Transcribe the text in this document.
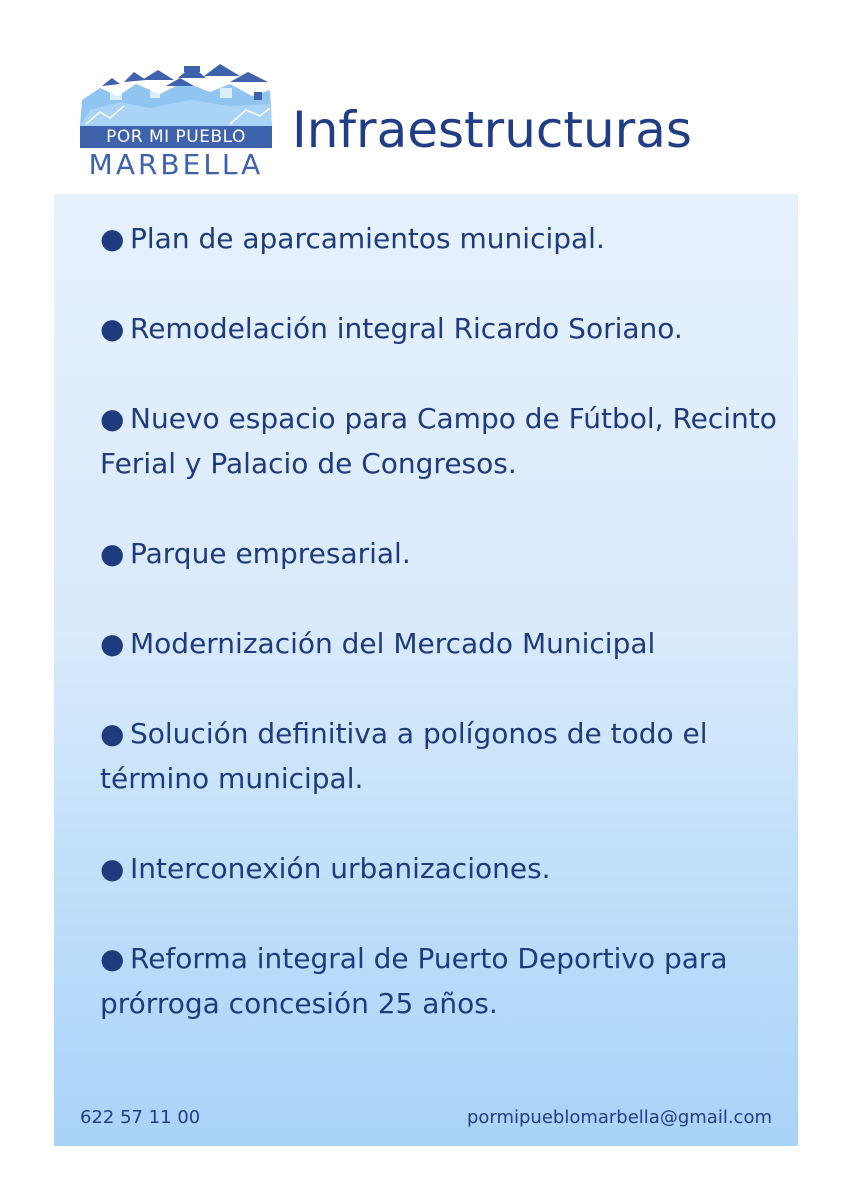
POR MI PUEBLO
MARBELLA
Infraestructuras
● Plan de aparcamientos municipal.
● Remodelación integral Ricardo Soriano.
● Nuevo espacio para Campo de Fútbol, Recinto Ferial y Palacio de Congresos.
● Parque empresarial.
● Modernización del Mercado Municipal
● Solución definitiva a polígonos de todo el término municipal.
● Interconexión urbanizaciones.
● Reforma integral de Puerto Deportivo para prórroga concesión 25 años.
622 57 11 00	pormipueblomarbella@gmail.com
